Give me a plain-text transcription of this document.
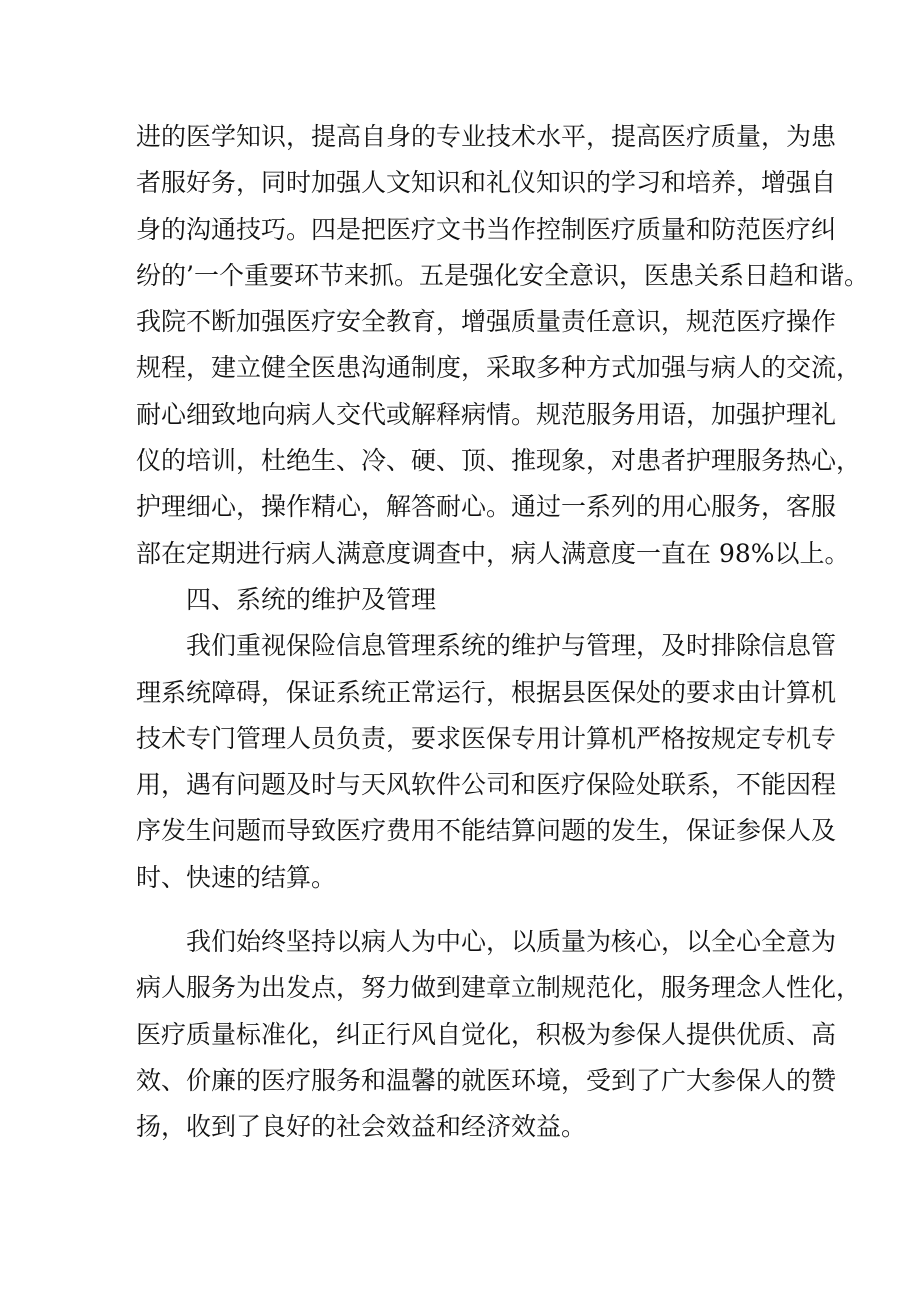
进的医学知识，提高自身的专业技术水平，提高医疗质量，为患
者服好务，同时加强人文知识和礼仪知识的学习和培养，增强自
身的沟通技巧。四是把医疗文书当作控制医疗质量和防范医疗纠
纷的’一个重要环节来抓。五是强化安全意识，医患关系日趋和谐。
我院不断加强医疗安全教育，增强质量责任意识，规范医疗操作
规程，建立健全医患沟通制度，采取多种方式加强与病人的交流，
耐心细致地向病人交代或解释病情。规范服务用语，加强护理礼
仪的培训，杜绝生、冷、硬、顶、推现象，对患者护理服务热心，
护理细心，操作精心，解答耐心。通过一系列的用心服务，客服
部在定期进行病人满意度调查中，病人满意度一直在 98%以上。
四、系统的维护及管理
我们重视保险信息管理系统的维护与管理，及时排除信息管
理系统障碍，保证系统正常运行，根据县医保处的要求由计算机
技术专门管理人员负责，要求医保专用计算机严格按规定专机专
用，遇有问题及时与天风软件公司和医疗保险处联系，不能因程
序发生问题而导致医疗费用不能结算问题的发生，保证参保人及
时、快速的结算。
我们始终坚持以病人为中心，以质量为核心，以全心全意为
病人服务为出发点，努力做到建章立制规范化，服务理念人性化，
医疗质量标准化，纠正行风自觉化，积极为参保人提供优质、高
效、价廉的医疗服务和温馨的就医环境，受到了广大参保人的赞
扬，收到了良好的社会效益和经济效益。
